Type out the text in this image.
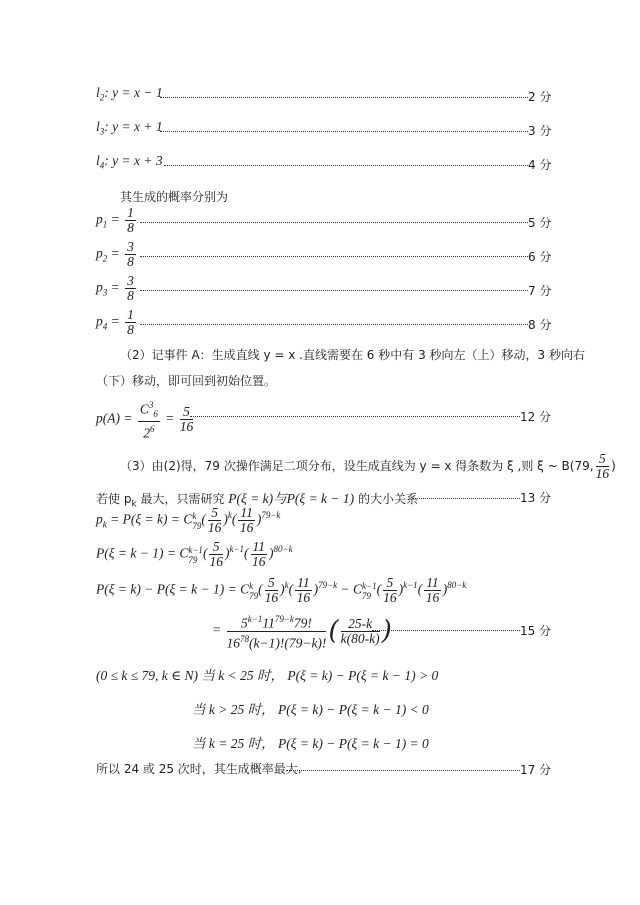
$l_2$: y = x − 1	2 分
$l_3$: y = x + 1	3 分
$l_4$: y = x + 3	4 分
其生成的概率分别为
$p_1 = \frac{1}{8}$	5 分
$p_2 = \frac{3}{8}$	6 分
$p_3 = \frac{3}{8}$	7 分
$p_4 = \frac{1}{8}$	8 分
（2）记事件 A：生成直线 y = x .直线需要在 6 秒中有 3 秒向左（上）移动，3 秒向右
（下）移动，即可回到初始位置。
$p(A) = \frac{C^3_6}{2^6} = \frac{5}{16}$	12 分
（3）由(2)得，79 次操作满足二项分布，设生成直线为 y = x 得条数为 ξ ,则 ξ ~ B(79, $\frac{5}{16}$ )
若使 $p_k$ 最大，只需研究 P(ξ = k)与P(ξ = k − 1) 的大小关系	13 分
$p_k = P(\xi = k) = C$ k
79 ( $\frac{5}{16} )^k( \frac{11}{16} )^{79-k}$
P(ξ = k − 1) = C k−1
79 ( $\frac{5}{16} )^{k-1}( \frac{11}{16} )^{80-k}$
P(ξ = k) − P(ξ = k − 1) = C k
79 ( $\frac{5}{16} )^k( \frac{11}{16} )^{79-k} - C$ k−1
79 ( $\frac{5}{16} )^{k-1}( \frac{11}{16} )^{80-k}$
= $\frac{5^{k-1}11^{79-k}79!}{16^{78}(k-1)!(79-k)!}$ ( $\frac{25-k}{k(80-k)}$ )	15 分
(0 ≤ k ≤ 79, k ∈ N) 当 k < 25 时， P(ξ = k) − P(ξ = k − 1) > 0
当 k > 25 时， P(ξ = k) − P(ξ = k − 1) < 0
当 k = 25 时， P(ξ = k) − P(ξ = k − 1) = 0
所以 24 或 25 次时，其生成概率最大.	17 分
